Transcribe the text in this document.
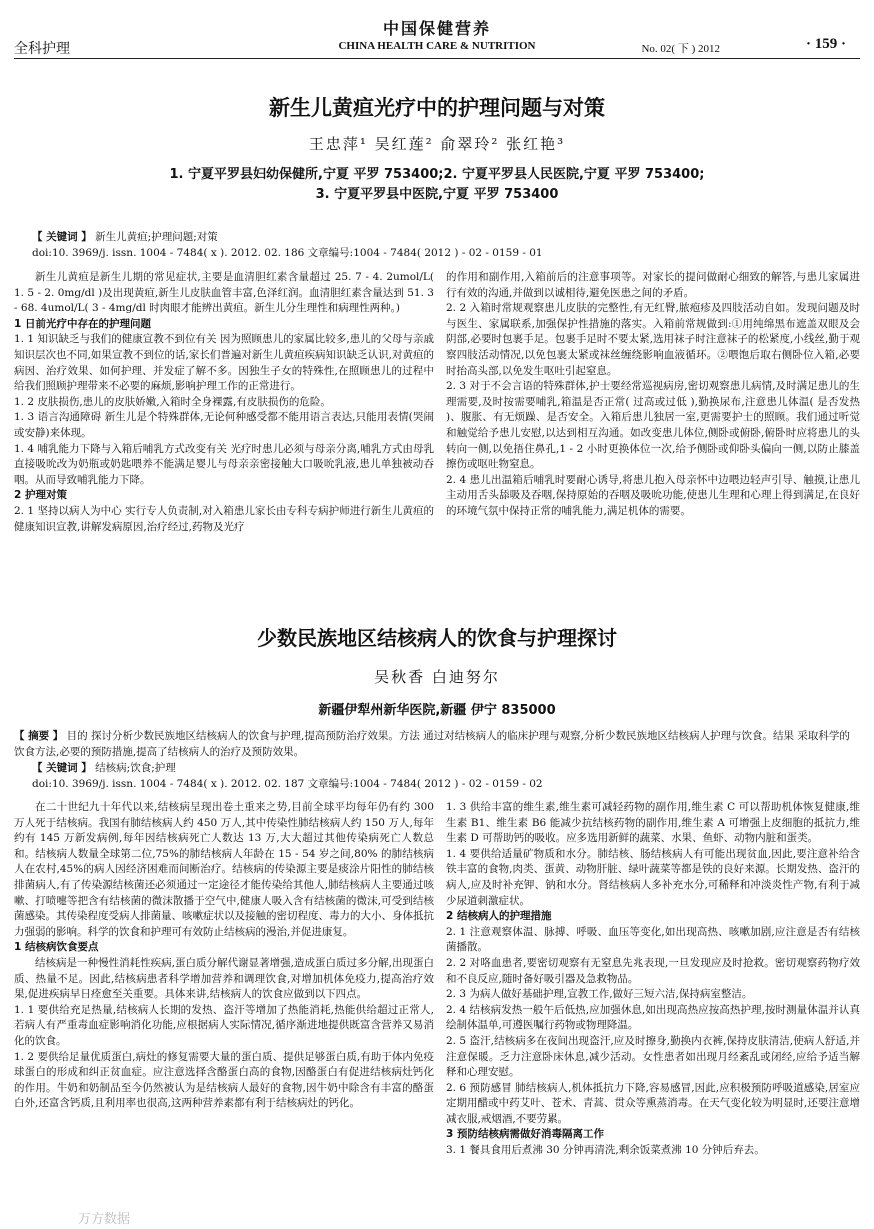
中国保健营养
全科护理	CHINA HEALTH CARE & NUTRITION	No. 02( 下 ) 2012	· 159 ·
新生儿黄疸光疗中的护理问题与对策
王忠萍¹ 吴红莲² 俞翠玲² 张红艳³
1. 宁夏平罗县妇幼保健所,宁夏 平罗 753400;2. 宁夏平罗县人民医院,宁夏 平罗 753400;
3. 宁夏平罗县中医院,宁夏 平罗 753400
【 关键词 】 新生儿黄疸;护理问题;对策
doi:10. 3969/j. issn. 1004 - 7484( x ). 2012. 02. 186 文章编号:1004 - 7484( 2012 ) - 02 - 0159 - 01

新生儿黄疸是新生儿期的常见症状,主要是血清胆红素含量超过 25. 7 - 4. 2umol/L( 1. 5 - 2. 0mg/dl )及出现黄疸,新生儿皮肤血管丰富,色泽红润。血清胆红素含量达到 51. 3 - 68. 4umol/L( 3 - 4mg/dl 时肉眼才能辨出黄疸。新生儿分生理性和病理性两种。)

1 日前光疗中存在的护理问题

1. 1 知识缺乏与我们的健康宣教不到位有关 因为照顾患儿的家属比较多,患儿的父母与亲戚知识层次也不同,如果宣教不到位的话,家长们普遍对新生儿黄疸疾病知识缺乏认识,对黄疸的病因、治疗效果、如何护理、并发症了解不多。因独生子女的特殊性,在照顾患儿的过程中给我们照顾护理带来不必要的麻烦,影响护理工作的正常进行。

1. 2 皮肤损伤,患儿的皮肤娇嫩,入箱时全身裸露,有皮肤损伤的危险。

1. 3 语言沟通障碍 新生儿是个特殊群体,无论何种感受都不能用语言表达,只能用表情(哭闹或安静)来体现。

1. 4 哺乳能力下降与入箱后哺乳方式改变有关 光疗时患儿必须与母亲分离,哺乳方式由母乳直接吸吮改为奶瓶或奶匙喂养不能满足婴儿与母亲亲密接触大口吸吮乳液,患儿单独被动吞咽。从而导致哺乳能力下降。

2 护理对策

2. 1 坚持以病人为中心 实行专人负责制,对入箱患儿家长由专科专病护师进行新生儿黄疸的健康知识宣教,讲解发病原因,治疗经过,药物及光疗

的作用和副作用,入箱前后的注意事项等。对家长的提问做耐心细致的解答,与患儿家属进行有效的沟通,并做到以诚相待,避免医患之间的矛盾。

2. 2 入箱时常规观察患儿皮肤的完整性,有无红臀,脓疱疹及四肢活动自如。发现问题及时与医生、家属联系,加强保护性措施的落实。入箱前常规做到:①用纯绵黑布遮盖双眼及会阴部,必要时包裹手足。包裹手足时不要太紧,选用袜子时注意袜子的松紧度,小线丝,勤于观察四肢活动情况,以免包裹太紧或袜丝缠绕影响血液循环。②喂饱后取右侧卧位入箱,必要时抬高头部,以免发生呕吐引起窒息。

2. 3 对于不会言语的特殊群体,护士要经常巡视病房,密切观察患儿病情,及时满足患儿的生理需要,及时按需要哺乳,箱温是否正常( 过高或过低 ),勤换尿布,注意患儿体温( 是否发热 )、腹胀、有无烦躁、是否安全。入箱后患儿独居一室,更需要护士的照顾。我们通过听觉和触觉给予患儿安慰,以达到相互沟通。如改变患儿体位,侧卧或俯卧,俯卧时应将患儿的头转向一侧,以免捂住鼻孔,1 - 2 小时更换体位一次,给予侧卧或仰卧头偏向一侧,以防止膝盖擦伤或呕吐物窒息。

2. 4 患儿出温箱后哺乳时要耐心诱导,将患儿抱入母亲怀中边喂边轻声引导、触摸,让患儿主动用舌头舔吸及吞咽,保持原始的吞咽及吸吮功能,使患儿生理和心理上得到满足,在良好的环境气氛中保持正常的哺乳能力,满足机体的需要。

少数民族地区结核病人的饮食与护理探讨
吴秋香 白迪努尔
新疆伊犁州新华医院,新疆 伊宁 835000
【 摘要 】 目的 探讨分析少数民族地区结核病人的饮食与护理,提高预防治疗效果。方法 通过对结核病人的临床护理与观察,分析少数民族地区结核病人护理与饮食。结果 采取科学的饮食方法,必要的预防措施,提高了结核病人的治疗及预防效果。
【 关键词 】 结核病;饮食;护理
doi:10. 3969/j. issn. 1004 - 7484( x ). 2012. 02. 187 文章编号:1004 - 7484( 2012 ) - 02 - 0159 - 02

在二十世纪九十年代以来,结核病呈现出卷土重来之势,目前全球平均每年仍有约 300 万人死于结核病。我国有肺结核病人约 450 万人,其中传染性肺结核病人约 150 万人,每年约有 145 万新发病例,每年因结核病死亡人数达 13 万,大大超过其他传染病死亡人数总和。结核病人数量全球第二位,75%的肺结核病人年龄在 15 - 54 岁之间,80% 的肺结核病人在农村,45%的病人因经济困难而间断治疗。结核病的传染源主要是痰涂片阳性的肺结核排菌病人,有了传染源结核菌还必须通过一定途径才能传染给其他人,肺结核病人主要通过咳嗽、打喷嚏等把含有结核菌的微沫散播于空气中,健康人吸入含有结核菌的微沫,可受到结核菌感染。其传染程度受病人排菌量、咳嗽症状以及接触的密切程度、毒力的大小、身体抵抗力强弱的影响。科学的饮食和护理可有效防止结核病的漫治,并促进康复。

1 结核病饮食要点

结核病是一种慢性消耗性疾病,蛋白质分解代谢显著增强,造成蛋白质过多分解,出现蛋白质、热量不足。因此,结核病患者科学增加营养和调理饮食,对增加机体免疫力,提高治疗效果,促进疾病早日痊愈至关重要。具体来讲,结核病人的饮食应做到以下四点。

1. 1 要供给充足热量,结核病人长期的发热、盗汗等增加了热能消耗,热能供给超过正常人,若病人有严重毒血症影响消化功能,应根据病人实际情况,循序渐进地提供既富含营养又易消化的饮食。

1. 2 要供给足量优质蛋白,病灶的修复需要大量的蛋白质、提供足够蛋白质,有助于体内免疫球蛋白的形成和纠正贫血症。应注意选择含酪蛋白高的食物,因酪蛋白有促进结核病灶钙化的作用。牛奶和奶制品至今仍然被认为是结核病人最好的食物,因牛奶中除含有丰富的酪蛋白外,还富含钙质,且利用率也很高,这两种营养素都有利于结核病灶的钙化。

1. 3 供给丰富的维生素,维生素可减轻药物的副作用,维生素 C 可以帮助机体恢复健康,维生素 B1、维生素 B6 能减少抗结核药物的副作用,维生素 A 可增强上皮细胞的抵抗力,维生素 D 可帮助钙的吸收。应多选用新鲜的蔬菜、水果、鱼虾、动物内脏和蛋类。

1. 4 要供给适量矿物质和水分。肺结核、肠结核病人有可能出现贫血,因此,要注意补给含铁丰富的食物,肉类、蛋黄、动物肝脏、绿叶蔬菜等都是铁的良好来源。长期发热、盗汗的病人,应及时补充钾、钠和水分。肾结核病人多补充水分,可稀释和冲淡炎性产物,有利于减少尿道刺激症状。

2 结核病人的护理措施

2. 1 注意观察体温、脉搏、呼吸、血压等变化,如出现高热、咳嗽加剧,应注意是否有结核菌播散。

2. 2 对咯血患者,要密切观察有无窒息先兆表现,一旦发现应及时抢救。密切观察药物疗效和不良反应,随时备好吸引器及急救物品。

2. 3 为病人做好基础护理,宣教工作,做好三短六洁,保持病室整洁。

2. 4 结核病发热一般午后低热,应加强休息,如出现高热应按高热护理,按时测量体温并认真绘制体温单,可遵医嘱行药物或物理降温。

2. 5 盗汗,结核病多在夜间出现盗汗,应及时擦身,勤换内衣裤,保持皮肤清洁,使病人舒适,并注意保暖。乏力注意卧床休息,减少活动。女性患者如出现月经紊乱或闭经,应给予适当解释和心理安慰。

2. 6 预防感冒 肺结核病人,机体抵抗力下降,容易感冒,因此,应积极预防呼吸道感染,居室应定期用醋或中药艾叶、苍术、青蒿、贯众等熏蒸消毒。在天气变化较为明显时,还要注意增减衣服,戒烟酒,不要劳累。

3 预防结核病需做好消毒隔离工作

3. 1 餐具食用后煮沸 30 分钟再清洗,剩余饭菜煮沸 10 分钟后弃去。

万方数据
